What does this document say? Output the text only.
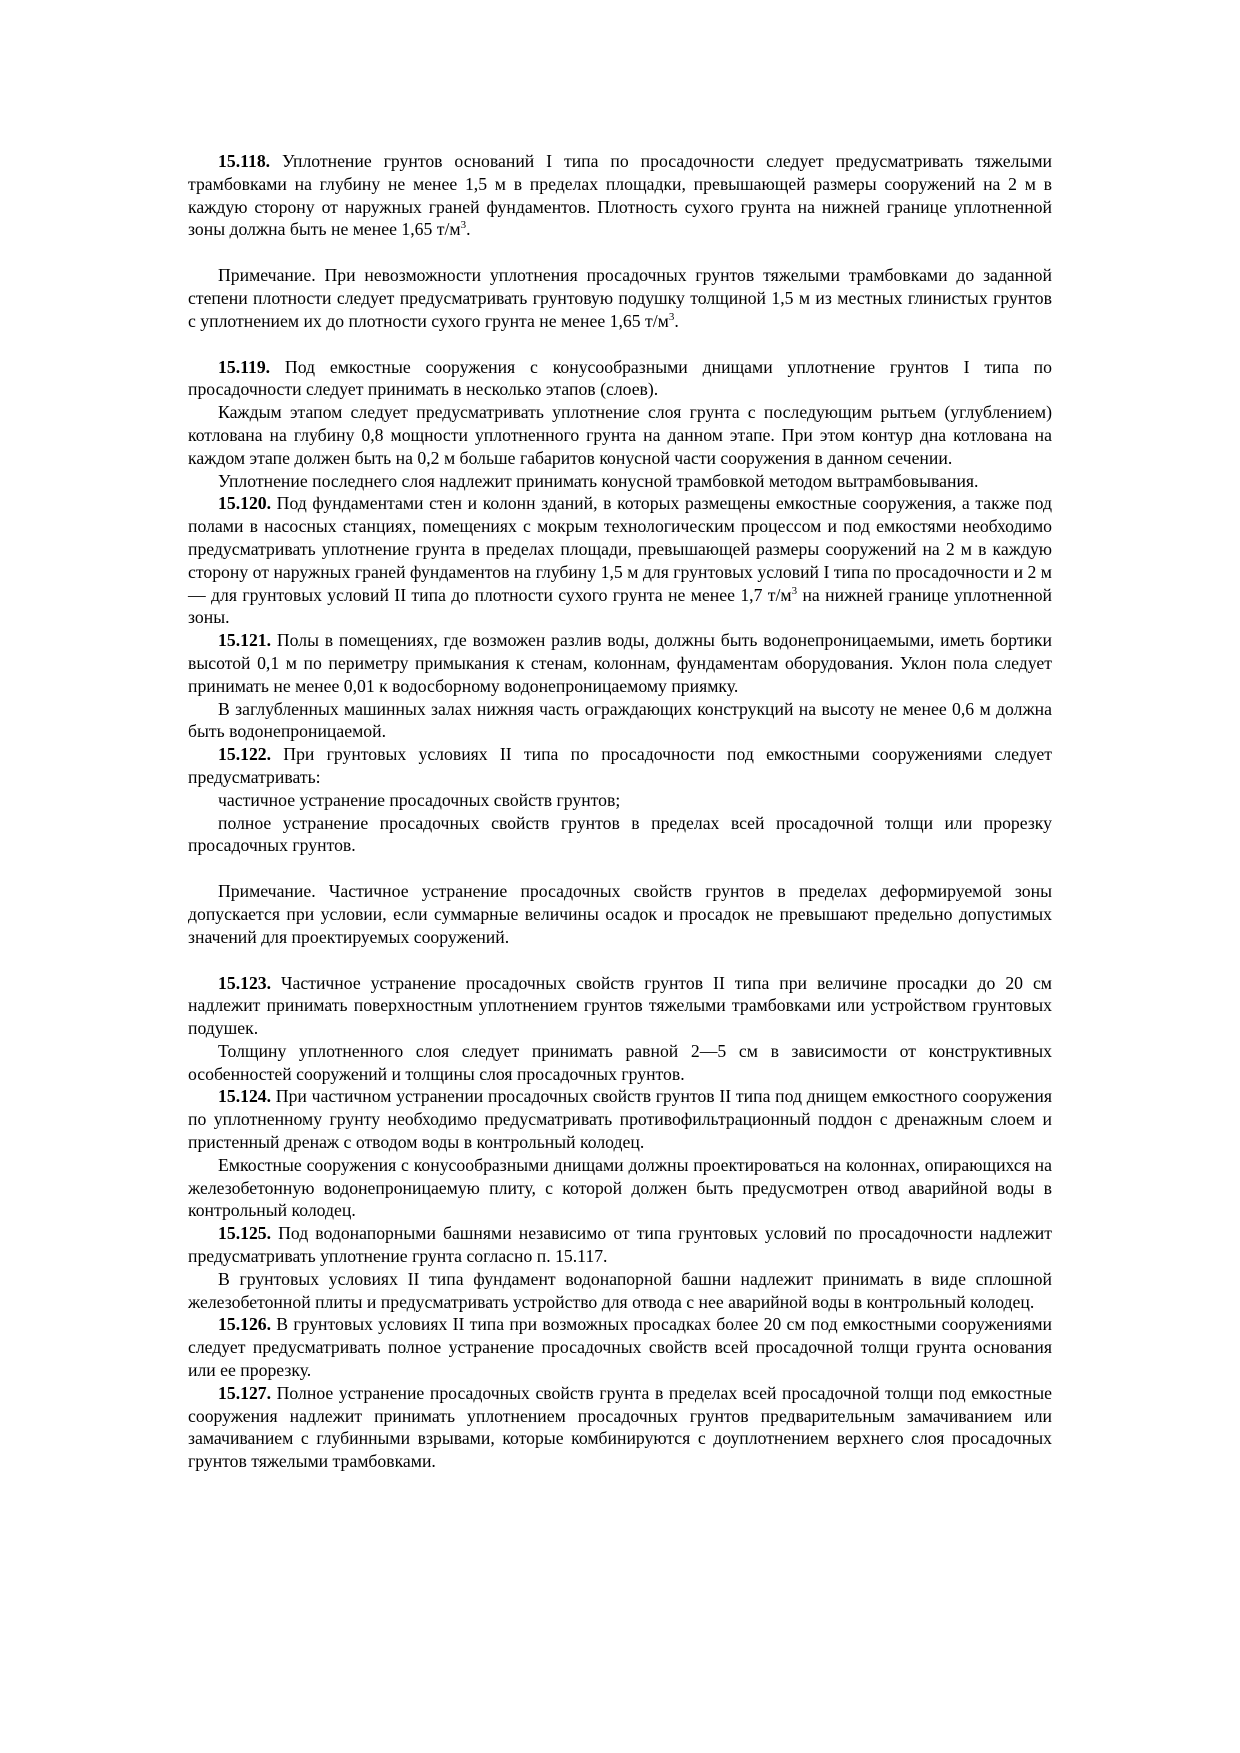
15.118. Уплотнение грунтов оснований I типа по просадочности следует предусматривать тяжелыми трамбовками на глубину не менее 1,5 м в пределах площадки, превышающей размеры сооружений на 2 м в каждую сторону от наружных граней фундаментов. Плотность сухого грунта на нижней границе уплотненной зоны должна быть не менее 1,65 $т/м^3$.

Примечание. При невозможности уплотнения просадочных грунтов тяжелыми трамбовками до заданной степени плотности следует предусматривать грунтовую подушку толщиной 1,5 м из местных глинистых грунтов с уплотнением их до плотности сухого грунта не менее 1,65 $т/м^3$.

15.119. Под емкостные сооружения с конусообразными днищами уплотнение грунтов I типа по просадочности следует принимать в несколько этапов (слоев).

Каждым этапом следует предусматривать уплотнение слоя грунта с последующим рытьем (углублением) котлована на глубину 0,8 мощности уплотненного грунта на данном этапе. При этом контур дна котлована на каждом этапе должен быть на 0,2 м больше габаритов конусной части сооружения в данном сечении.

Уплотнение последнего слоя надлежит принимать конусной трамбовкой методом вытрамбовывания.

15.120. Под фундаментами стен и колонн зданий, в которых размещены емкостные сооружения, а также под полами в насосных станциях, помещениях с мокрым технологическим процессом и под емкостями необходимо предусматривать уплотнение грунта в пределах площади, превышающей размеры сооружений на 2 м в каждую сторону от наружных граней фундаментов на глубину 1,5 м для грунтовых условий I типа по просадочности и 2 м — для грунтовых условий II типа до плотности сухого грунта не менее 1,7 $т/м^3$ на нижней границе уплотненной зоны.

15.121. Полы в помещениях, где возможен разлив воды, должны быть водонепроницаемыми, иметь бортики высотой 0,1 м по периметру примыкания к стенам, колоннам, фундаментам оборудования. Уклон пола следует принимать не менее 0,01 к водосборному водонепроницаемому приямку.

В заглубленных машинных залах нижняя часть ограждающих конструкций на высоту не менее 0,6 м должна быть водонепроницаемой.

15.122. При грунтовых условиях II типа по просадочности под емкостными сооружениями следует предусматривать:

частичное устранение просадочных свойств грунтов;

полное устранение просадочных свойств грунтов в пределах всей просадочной толщи или прорезку просадочных грунтов.

Примечание. Частичное устранение просадочных свойств грунтов в пределах деформируемой зоны допускается при условии, если суммарные величины осадок и просадок не превышают предельно допустимых значений для проектируемых сооружений.

15.123. Частичное устранение просадочных свойств грунтов II типа при величине просадки до 20 см надлежит принимать поверхностным уплотнением грунтов тяжелыми трамбовками или устройством грунтовых подушек.

Толщину уплотненного слоя следует принимать равной 2—5 см в зависимости от конструктивных особенностей сооружений и толщины слоя просадочных грунтов.

15.124. При частичном устранении просадочных свойств грунтов II типа под днищем емкостного сооружения по уплотненному грунту необходимо предусматривать противофильтрационный поддон с дренажным слоем и пристенный дренаж с отводом воды в контрольный колодец.

Емкостные сооружения с конусообразными днищами должны проектироваться на колоннах, опирающихся на железобетонную водонепроницаемую плиту, с которой должен быть предусмотрен отвод аварийной воды в контрольный колодец.

15.125. Под водонапорными башнями независимо от типа грунтовых условий по просадочности надлежит предусматривать уплотнение грунта согласно п. 15.117.

В грунтовых условиях II типа фундамент водонапорной башни надлежит принимать в виде сплошной железобетонной плиты и предусматривать устройство для отвода с нее аварийной воды в контрольный колодец.

15.126. В грунтовых условиях II типа при возможных просадках более 20 см под емкостными сооружениями следует предусматривать полное устранение просадочных свойств всей просадочной толщи грунта основания или ее прорезку.

15.127. Полное устранение просадочных свойств грунта в пределах всей просадочной толщи под емкостные сооружения надлежит принимать уплотнением просадочных грунтов предварительным замачиванием или замачиванием с глубинными взрывами, которые комбинируются с доуплотнением верхнего слоя просадочных грунтов тяжелыми трамбовками.
